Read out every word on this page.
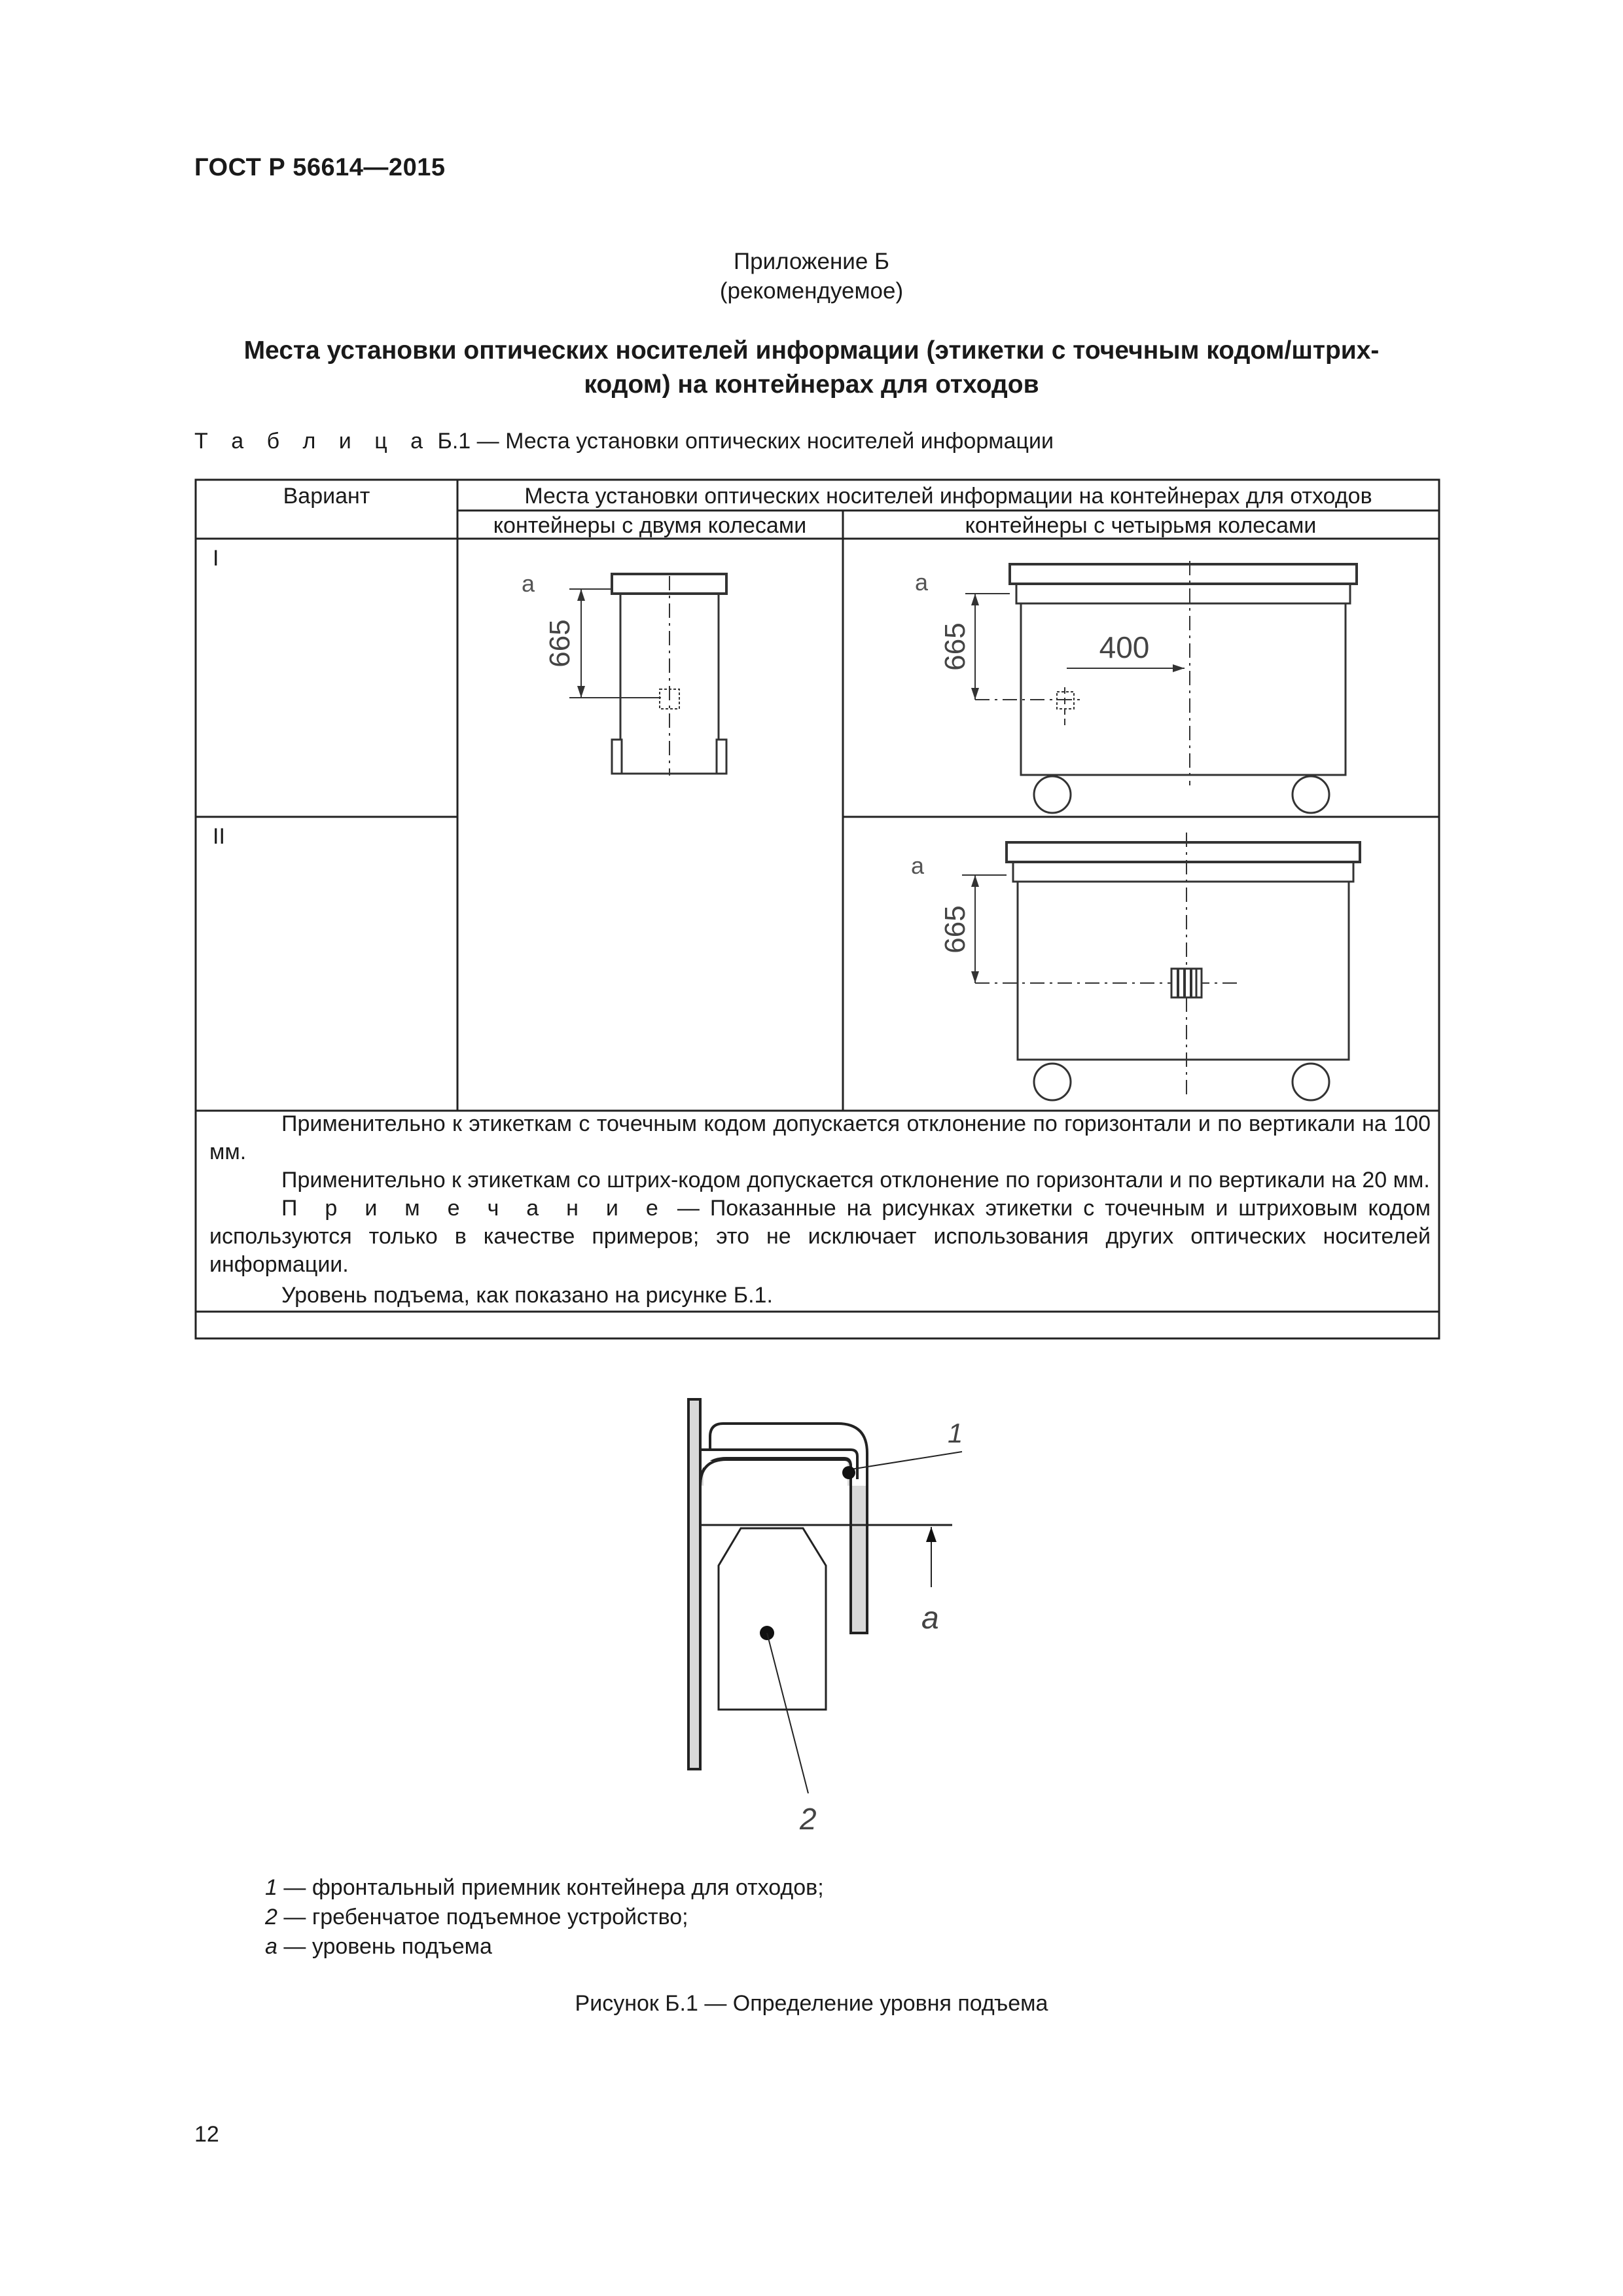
ГОСТ Р 56614—2015
Приложение Б
(рекомендуемое)
Места установки оптических носителей информации (этикетки с точечным кодом/штрих-
кодом) на контейнерах для отходов
Т а б л и ц а Б.1 — Места установки оптических носителей информации
Вариант	Места установки оптических носителей информации на контейнерах для отходов
контейнеры с двумя колесами	контейнеры с четырьмя колесами
I
II
a
665
a
665	400
a
665
1
a
2

Применительно к этикеткам с точечным кодом допускается отклонение по горизонтали и по вертикали на 100 мм.

Применительно к этикеткам со штрих-кодом допускается отклонение по горизонтали и по вертикали на 20 мм.

П р и м е ч а н и е — Показанные на рисунках этикетки с точечным и штриховым кодом используются только в качестве примеров; это не исключает использования других оптических носителей информации.

Уровень подъема, как показано на рисунке Б.1.

1 — фронтальный приемник контейнера для отходов;
2 — гребенчатое подъемное устройство;
a — уровень подъема
Рисунок Б.1 — Определение уровня подъема
12
